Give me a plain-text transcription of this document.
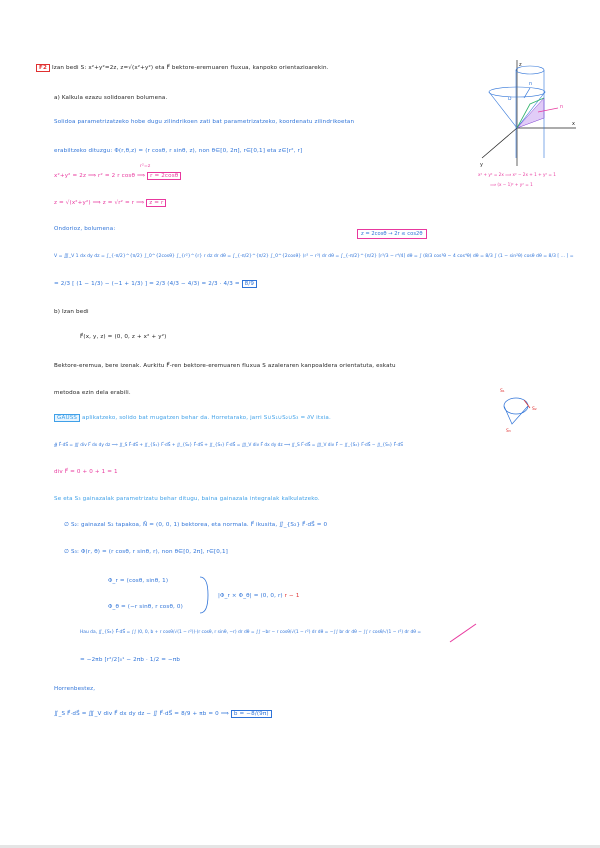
F2 Izan bedi S: x²+y²=2z, z=√(x²+y²) eta F⃗ bektore-eremuaren fluxua, kanpoko orientazioarekin.
a) Kalkula ezazu solidoaren bolumena.
Solidoa parametrizatzeko hobe dugu zilindrikoen zati bat parametrizatzeko, koordenatu zilindrikoetan
erabiltzeko dituzgu: Φ(r,θ,z) = (r cosθ, r sinθ, z), non θ∈[0, 2π], r∈[0,1] eta z∈[r², r]
r²=z
x²+y² = 2z ⟹ r² = 2 r cosθ ⟹ r = 2cosθ
z = √(x²+y²) ⟹ z = √r² = r ⟹ z = r
Ondorioz, bolumena:
z = 2cosθ → 2r ≤ cos2θ
V = ∭_V 1 dx dy dz = ∫_{-π/2}^{π/2} ∫_0^{2cosθ} ∫_{r²}^{r} r dz dr dθ = ∫_{-π/2}^{π/2} ∫_0^{2cosθ} (r² − r³) dr dθ = ∫_{-π/2}^{π/2} [r³/3 − r⁴/4] dθ = ∫ (8/3 cos³θ − 4 cos⁴θ) dθ = 8/3 ∫ (1 − sin²θ) cosθ dθ = 8/3 [ ... ] =
= 2/3 [ (1 − 1/3) − (−1 + 1/3) ] = 2/3 (4/3 − 4/3) = 2/3 · 4/3 = 8/9
b) Izan bedi
F⃗(x, y, z) = (0, 0, z + x² + y²)
Bektore-eremua, bere izenak. Aurkitu F⃗-ren bektore-eremuaren fluxua S azaleraren kanpoaldera orientatuta, eskatu
metodoa ezin dela erabili.
GAUSS aplikatzeko, solido bat mugatzen behar da. Horretarako, jarri S∪S₁∪S₂∪S₃ = ∂V itxia.
∯ F⃗·dS⃗ = ∭ div F⃗ dx dy dz ⟹ ∬_S F⃗·dS⃗ + ∬_{S₁} F⃗·dS⃗ + ∬_{S₂} F⃗·dS⃗ + ∬_{S₃} F⃗·dS⃗ = ∭_V div F⃗ dx dy dz ⟹ ∬_S F⃗·dS⃗ = ∭_V div F⃗ − ∬_{S₂} F⃗·dS⃗ − ∬_{S₃} F⃗·dS⃗
div F⃗ = 0 + 0 + 1 = 1
Se eta S₃ gainazalak parametrizatu behar ditugu, baina gainazala integralak kalkulatzeko.
∅ S₂: gainazal S₂ tapakoa, N⃗ = (0, 0, 1) bektorea, eta normala. F⃗ ikusita, ∬_{S₂} F⃗·dS⃗ = 0
∅ S₃: Φ(r, θ) = (r cosθ, r sinθ, r), non θ∈[0, 2π], r∈[0,1]
Φ_r = (cosθ, sinθ, 1)
Φ_θ = (−r sinθ, r cosθ, 0)
|Φ_r × Φ_θ| = (0, 0, r) r − 1
Hau da, ∬_{S₃} F⃗·dS⃗ = ∫∫ (0, 0, b + r cosθ/√(1 − r²))·(r cosθ, r sinθ, −r) dr dθ = ∫∫ −br − r cosθ/√(1 − r²) dr dθ = −∫∫ br dr dθ − ∫∫ r cosθ/√(1 − r²) dr dθ =
= −2πb [r²/2]₀¹ − 2πb · 1/2 = −πb
Horrenbestez,
∬_S F⃗·dS⃗ = ∭_V div F⃗ dx dy dz − ∬ F⃗·dS⃗ = 8/9 + πb = 0 ⟹ b = −8/(9π)
z
x
y
n
n
D
x² + y² = 2x ⟹ x² − 2x + 1 + y² = 1
⟹ (x − 1)² + y² = 1
S₁
S₂
S₃
